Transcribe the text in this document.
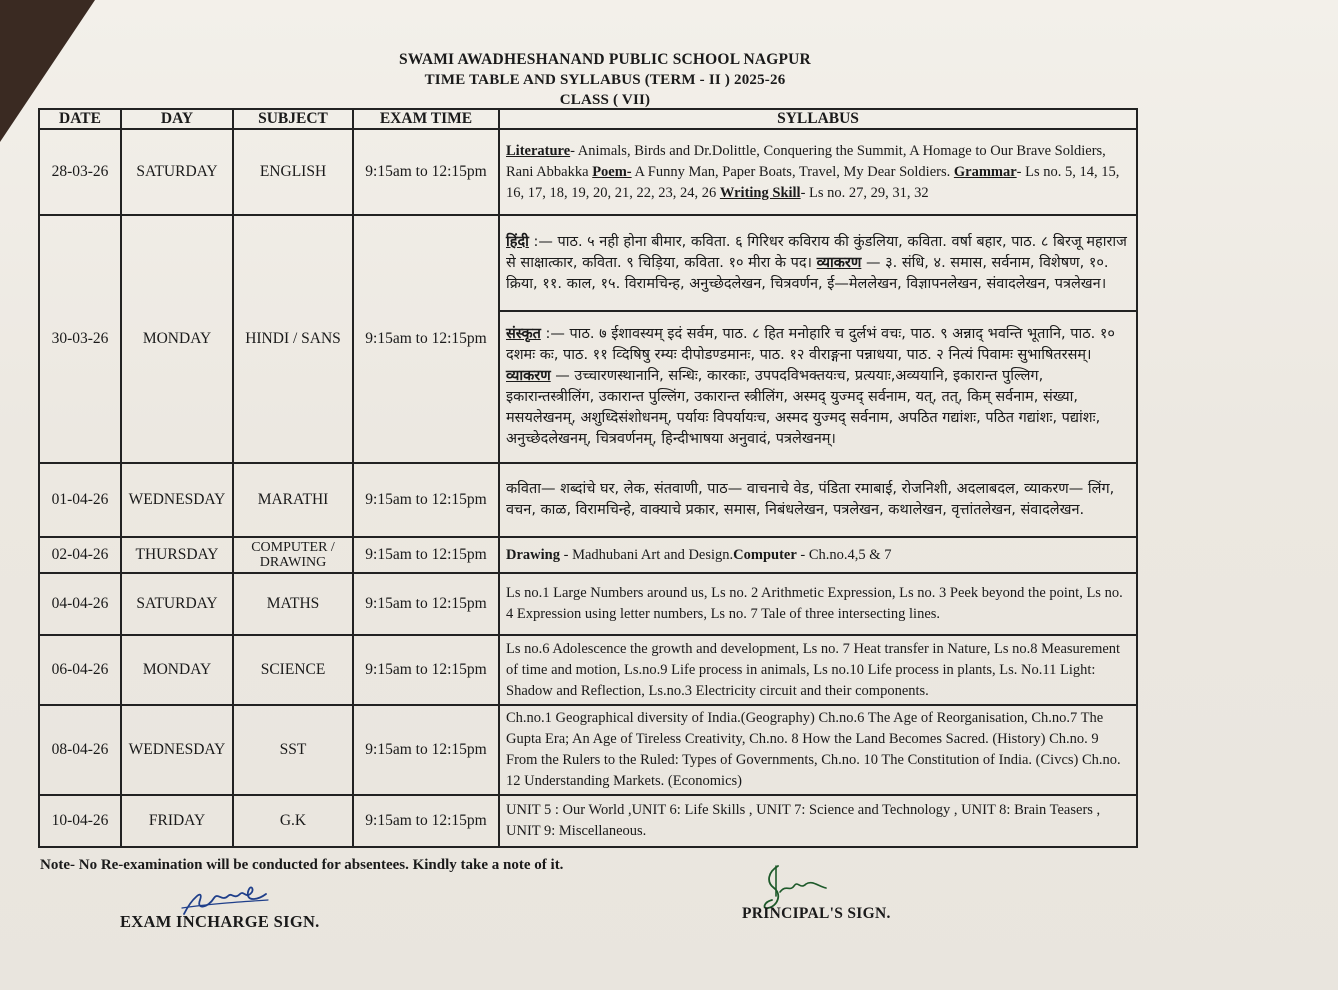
SWAMI AWADHESHANAND PUBLIC SCHOOL NAGPUR
TIME TABLE AND SYLLABUS (TERM - II ) 2025-26
CLASS ( VII)
DATE	DAY	SUBJECT	EXAM TIME	SYLLABUS
28-03-26	SATURDAY	ENGLISH	9:15am to 12:15pm	Literature- Animals, Birds and Dr.Dolittle, Conquering the Summit, A Homage to Our Brave Soldiers, Rani Abbakka Poem- A Funny Man, Paper Boats, Travel, My Dear Soldiers. Grammar- Ls no. 5, 14, 15, 16, 17, 18, 19, 20, 21, 22, 23, 24, 26 Writing Skill- Ls no. 27, 29, 31, 32
30-03-26	MONDAY	HINDI / SANS	9:15am to 12:15pm	हिंदी :— पाठ. ५ नही होना बीमार, कविता. ६ गिरिधर कविराय की कुंडलिया, कविता. वर्षा बहार, पाठ. ८ बिरजू महाराज से साक्षात्कार, कविता. ९ चिड़िया, कविता. १० मीरा के पद। व्याकरण — ३. संधि, ४. समास, सर्वनाम, विशेषण, १०. क्रिया, ११. काल, १५. विरामचिन्ह, अनुच्छेदलेखन, चित्रवर्णन, ई—मेललेखन, विज्ञापनलेखन, संवादलेखन, पत्रलेखन।
				संस्कृत :— पाठ. ७ ईशावस्यम् इदं सर्वम, पाठ. ८ हित मनोहारि च दुर्लभं वचः, पाठ. ९ अन्नाद् भवन्ति भूतानि, पाठ. १० दशमः कः, पाठ. ११ व्दिषिषु रम्यः दीपोडण्डमानः, पाठ. १२ वीराङ्गना पन्नाधया, पाठ. २ नित्यं पिवामः सुभाषितरसम्। व्याकरण — उच्चारणस्थानानि, सन्धिः, कारकाः, उपपदविभक्तयःच, प्रत्ययाः,अव्ययानि, इकारान्त पुल्लिग, इकारान्तस्त्रीलिंग, उकारान्त पुल्लिंग, उकारान्त स्त्रीलिंग, अस्मद् युज्मद् सर्वनाम, यत्, तत्, किम् सर्वनाम, संख्या, मसयलेखनम्, अशुध्दिसंशोधनम्, पर्यायः विपर्यायःच, अस्मद युज्मद् सर्वनाम, अपठित गद्यांशः, पठित गद्यांशः, पद्यांशः, अनुच्छेदलेखनम्, चित्रवर्णनम्, हिन्दीभाषया अनुवादं, पत्रलेखनम्।
01-04-26	WEDNESDAY	MARATHI	9:15am to 12:15pm	कविता— शब्दांचे घर, लेक, संतवाणी, पाठ— वाचनाचे वेड, पंडिता रमाबाई, रोजनिशी, अदलाबदल, व्याकरण— लिंग, वचन, काळ, विरामचिन्हे, वाक्याचे प्रकार, समास, निबंधलेखन, पत्रलेखन, कथालेखन, वृत्तांतलेखन, संवादलेखन.
02-04-26	THURSDAY	COMPUTER /
DRAWING	9:15am to 12:15pm	Drawing - Madhubani Art and Design.Computer - Ch.no.4,5 & 7
04-04-26	SATURDAY	MATHS	9:15am to 12:15pm	Ls no.1 Large Numbers around us, Ls no. 2 Arithmetic Expression, Ls no. 3 Peek beyond the point, Ls no. 4 Expression using letter numbers, Ls no. 7 Tale of three intersecting lines.
06-04-26	MONDAY	SCIENCE	9:15am to 12:15pm	Ls no.6 Adolescence the growth and development, Ls no. 7 Heat transfer in Nature, Ls no.8 Measurement of time and motion, Ls.no.9 Life process in animals, Ls no.10 Life process in plants, Ls. No.11 Light: Shadow and Reflection, Ls.no.3 Electricity circuit and their components.
08-04-26	WEDNESDAY	SST	9:15am to 12:15pm	Ch.no.1 Geographical diversity of India.(Geography) Ch.no.6 The Age of Reorganisation, Ch.no.7 The Gupta Era; An Age of Tireless Creativity, Ch.no. 8 How the Land Becomes Sacred. (History) Ch.no. 9 From the Rulers to the Ruled: Types of Governments, Ch.no. 10 The Constitution of India. (Civcs) Ch.no. 12 Understanding Markets. (Economics)
10-04-26	FRIDAY	G.K	9:15am to 12:15pm	UNIT 5 : Our World ,UNIT 6: Life Skills , UNIT 7: Science and Technology , UNIT 8: Brain Teasers , UNIT 9: Miscellaneous.
Note- No Re-examination will be conducted for absentees. Kindly take a note of it.
EXAM INCHARGE SIGN.	PRINCIPAL'S SIGN.
